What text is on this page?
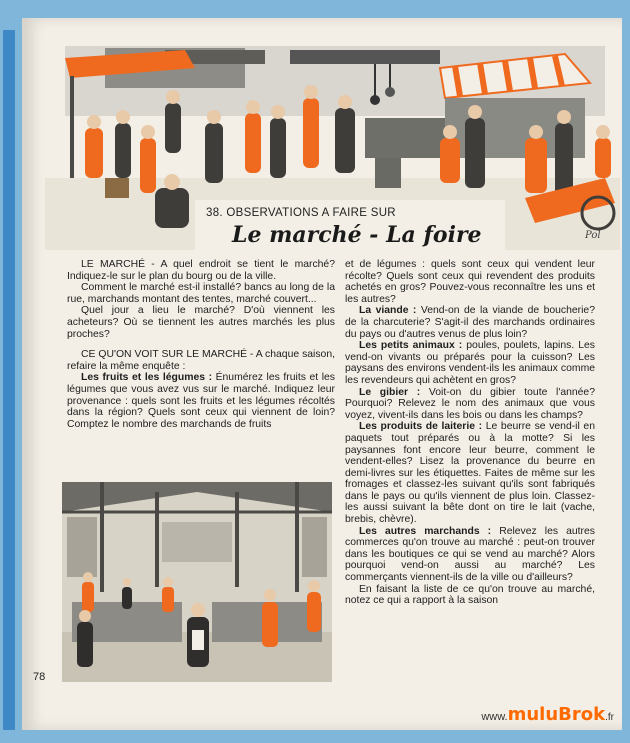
Pol
38. OBSERVATIONS A FAIRE SUR
Le marché - La foire

LE MARCHÉ - A quel endroit se tient le marché? Indiquez-le sur le plan du bourg ou de la ville.

Comment le marché est-il installé? bancs au long de la rue, marchands montant des tentes, marché couvert...

Quel jour a lieu le marché? D'où viennent les acheteurs? Où se tiennent les autres marchés les plus proches?

CE QU'ON VOIT SUR LE MARCHÉ - A chaque saison, refaire la même enquête :

Les fruits et les légumes : Énumérez les fruits et les légumes que vous avez vus sur le marché. Indiquez leur provenance : quels sont les fruits et les légumes récoltés dans la région? Quels sont ceux qui viennent de loin? Comptez le nombre des marchands de fruits

et de légumes : quels sont ceux qui vendent leur récolte? Quels sont ceux qui revendent des produits achetés en gros? Pouvez-vous reconnaître les uns et les autres?

La viande : Vend-on de la viande de boucherie? de la charcuterie? S'agit-il des marchands ordinaires du pays ou d'autres venus de plus loin?

Les petits animaux : poules, poulets, lapins. Les vend-on vivants ou préparés pour la cuisson? Les paysans des environs vendent-ils les animaux comme les revendeurs qui achètent en gros?

Le gibier : Voit-on du gibier toute l'année? Pourquoi? Relevez le nom des animaux que vous voyez, vivent-ils dans les bois ou dans les champs?

Les produits de laiterie : Le beurre se vend-il en paquets tout préparés ou à la motte? Si les paysannes font encore leur beurre, comment le vendent-elles? Lisez la provenance du beurre en demi-livres sur les étiquettes. Faites de même sur les fromages et classez-les suivant qu'ils sont fabriqués dans le pays ou qu'ils viennent de plus loin. Classez-les aussi suivant la bête dont on tire le lait (vache, brebis, chèvre).

Les autres marchands : Relevez les autres commerces qu'on trouve au marché : peut-on trouver dans les boutiques ce qui se vend au marché? Alors pourquoi vend-on aussi au marché? Les commerçants viennent-ils de la ville ou d'ailleurs?

En faisant la liste de ce qu'on trouve au marché, notez ce qui a rapport à la saison

78
www.muluBrok.fr
